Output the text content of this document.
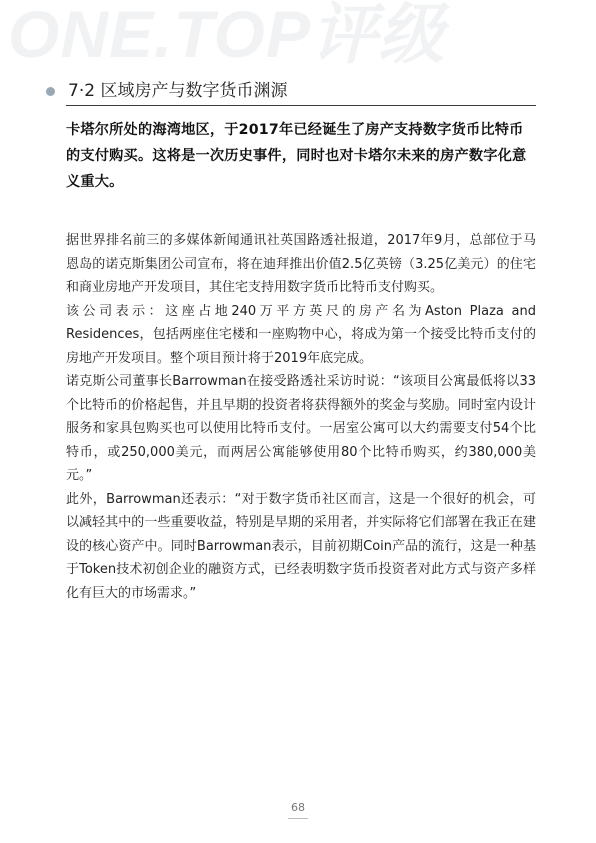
ONE.TOP评级
7·2 区域房产与数字货币渊源

卡塔尔所处的海湾地区，于2017年已经诞生了房产支持数字货币比特币的支付购买。这将是一次历史事件，同时也对卡塔尔未来的房产数字化意义重大。

据世界排名前三的多媒体新闻通讯社英国路透社报道，2017年9月，总部位于马恩岛的诺克斯集团公司宣布，将在迪拜推出价值2.5亿英镑（3.25亿美元）的住宅和商业房地产开发项目，其住宅支持用数字货币比特币支付购买。

该公司表示：这座占地240万平方英尺的房产名为Aston Plaza and Residences，包括两座住宅楼和一座购物中心，将成为第一个接受比特币支付的房地产开发项目。整个项目预计将于2019年底完成。

诺克斯公司董事长Barrowman在接受路透社采访时说：“该项目公寓最低将以33个比特币的价格起售，并且早期的投资者将获得额外的奖金与奖励。同时室内设计服务和家具包购买也可以使用比特币支付。一居室公寓可以大约需要支付54个比特币，或250,000美元，而两居公寓能够使用80个比特币购买，约380,000美元。”

此外，Barrowman还表示：“对于数字货币社区而言，这是一个很好的机会，可以减轻其中的一些重要收益，特别是早期的采用者，并实际将它们部署在我正在建设的核心资产中。同时Barrowman表示，目前初期Coin产品的流行，这是一种基于Token技术初创企业的融资方式，已经表明数字货币投资者对此方式与资产多样化有巨大的市场需求。”

68
